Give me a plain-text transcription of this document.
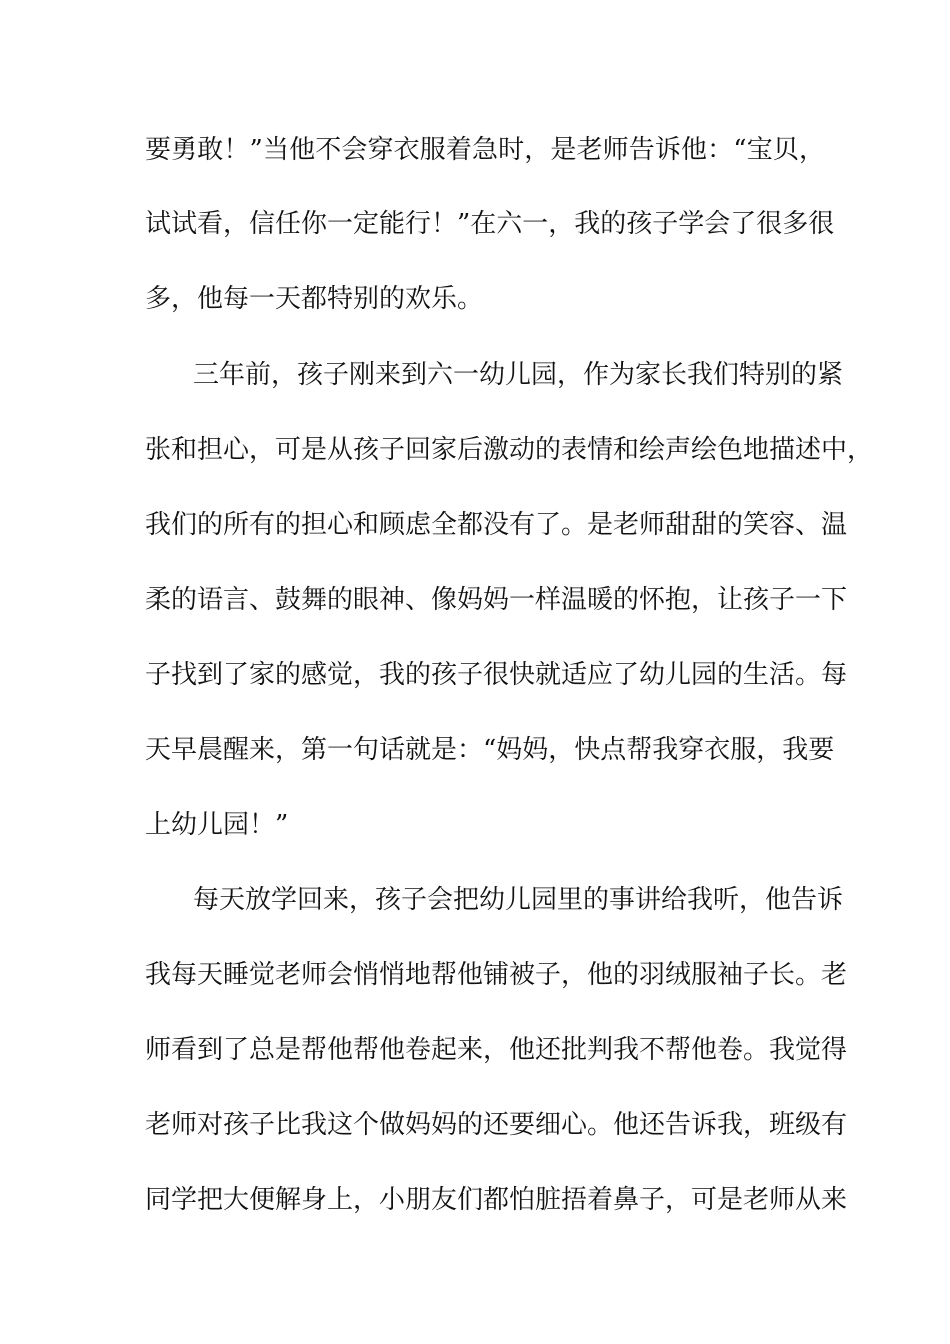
要勇敢！”当他不会穿衣服着急时，是老师告诉他：“宝贝，
试试看，信任你一定能行！”在六一，我的孩子学会了很多很
多，他每一天都特别的欢乐。
三年前，孩子刚来到六一幼儿园，作为家长我们特别的紧
张和担心，可是从孩子回家后激动的表情和绘声绘色地描述中，
我们的所有的担心和顾虑全都没有了。是老师甜甜的笑容、温
柔的语言、鼓舞的眼神、像妈妈一样温暖的怀抱，让孩子一下
子找到了家的感觉，我的孩子很快就适应了幼儿园的生活。每
天早晨醒来，第一句话就是：“妈妈，快点帮我穿衣服，我要
上幼儿园！”
每天放学回来，孩子会把幼儿园里的事讲给我听，他告诉
我每天睡觉老师会悄悄地帮他铺被子，他的羽绒服袖子长。老
师看到了总是帮他帮他卷起来，他还批判我不帮他卷。我觉得
老师对孩子比我这个做妈妈的还要细心。他还告诉我，班级有
同学把大便解身上，小朋友们都怕脏捂着鼻子，可是老师从来
